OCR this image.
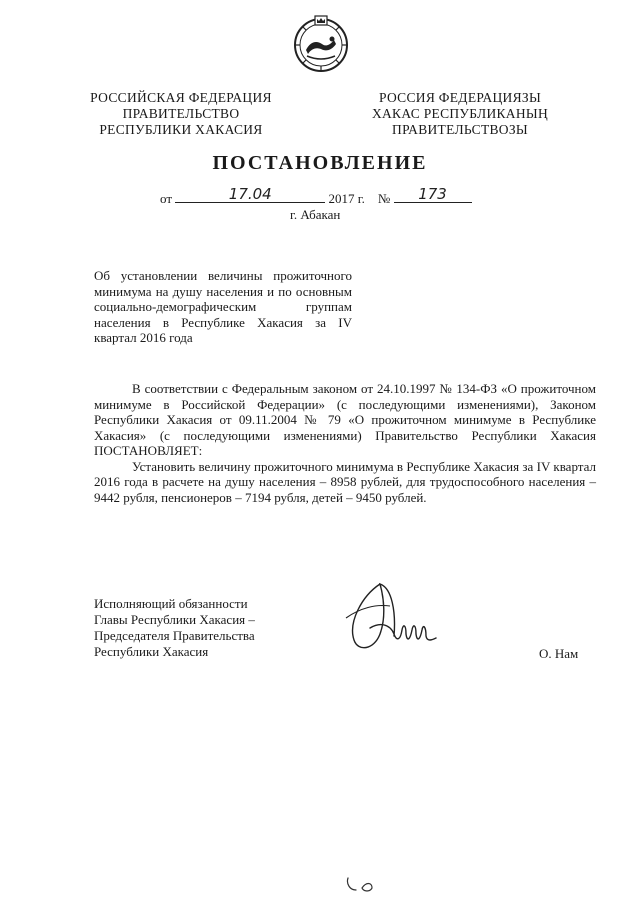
РОССИЙСКАЯ ФЕДЕРАЦИЯ
ПРАВИТЕЛЬСТВО
РЕСПУБЛИКИ ХАКАСИЯ
РОССИЯ ФЕДЕРАЦИЯЗЫ
ХАКАС РЕСПУБЛИКАНЫҢ
ПРАВИТЕЛЬСТВОЗЫ
ПОСТАНОВЛЕНИЕ
от	17.04	2017 г. №	173
г. Абакан
Об установлении величины прожиточного минимума на душу населения и по основным социально-демографическим группам населения в Республике Хакасия за IV квартал 2016 года

В соответствии с Федеральным законом от 24.10.1997 № 134-ФЗ «О прожиточном минимуме в Российской Федерации» (с последующими изменениями), Законом Республики Хакасия от 09.11.2004 № 79 «О прожиточном минимуме в Республике Хакасия» (с последующими изменениями) Правительство Республики Хакасия ПОСТАНОВЛЯЕТ:

Установить величину прожиточного минимума в Республике Хакасия за IV квартал 2016 года в расчете на душу населения – 8958 рублей, для трудоспособного населения – 9442 рубля, пенсионеров – 7194 рубля, детей – 9450 рублей.

Исполняющий обязанности
Главы Республики Хакасия –
Председателя Правительства
Республики Хакасия	О. Нам
